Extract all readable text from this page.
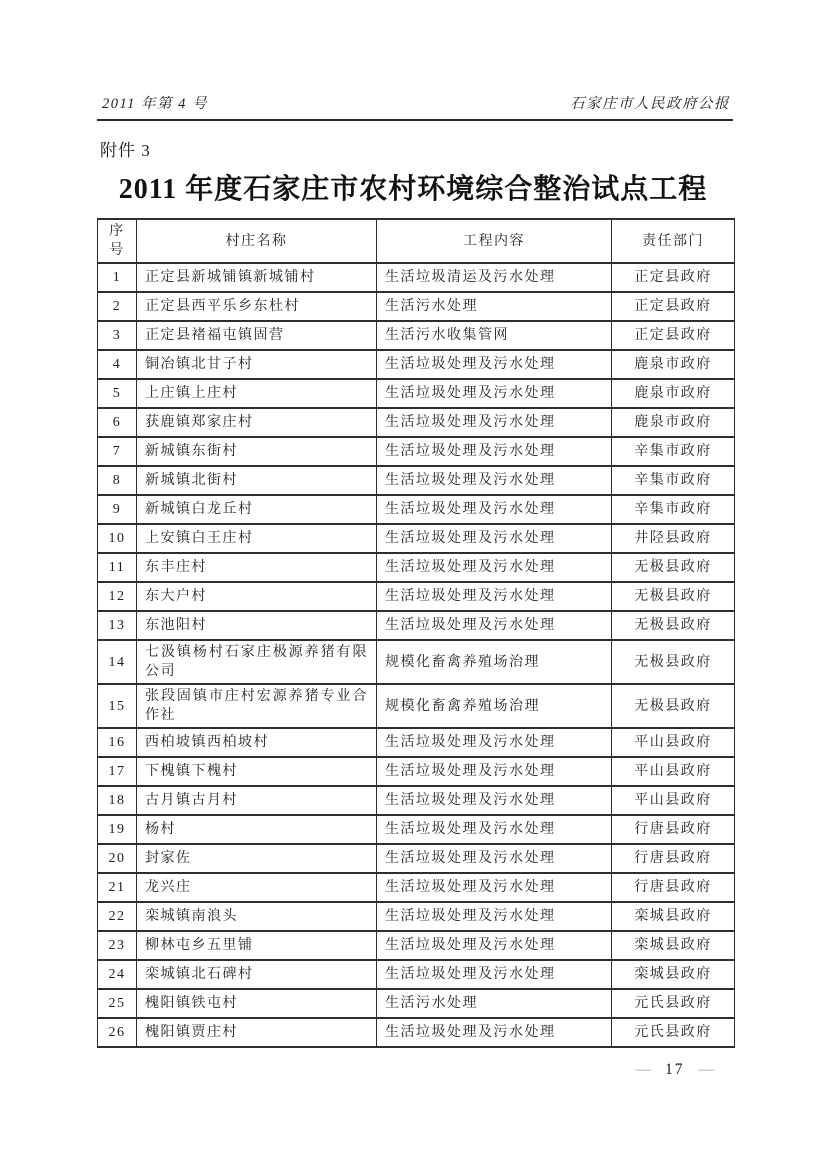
2011 年第 4 号	石家庄市人民政府公报
附件 3
2011 年度石家庄市农村环境综合整治试点工程
序号	村庄名称	工程内容	责任部门
1	正定县新城铺镇新城铺村	生活垃圾清运及污水处理	正定县政府
2	正定县西平乐乡东杜村	生活污水处理	正定县政府
3	正定县褚福屯镇固营	生活污水收集管网	正定县政府
4	铜冶镇北甘子村	生活垃圾处理及污水处理	鹿泉市政府
5	上庄镇上庄村	生活垃圾处理及污水处理	鹿泉市政府
6	获鹿镇郑家庄村	生活垃圾处理及污水处理	鹿泉市政府
7	新城镇东街村	生活垃圾处理及污水处理	辛集市政府
8	新城镇北街村	生活垃圾处理及污水处理	辛集市政府
9	新城镇白龙丘村	生活垃圾处理及污水处理	辛集市政府
10	上安镇白王庄村	生活垃圾处理及污水处理	井陉县政府
11	东丰庄村	生活垃圾处理及污水处理	无极县政府
12	东大户村	生活垃圾处理及污水处理	无极县政府
13	东池阳村	生活垃圾处理及污水处理	无极县政府
14	七汲镇杨村石家庄极源养猪有限公司	规模化畜禽养殖场治理	无极县政府
15	张段固镇市庄村宏源养猪专业合作社	规模化畜禽养殖场治理	无极县政府
16	西柏坡镇西柏坡村	生活垃圾处理及污水处理	平山县政府
17	下槐镇下槐村	生活垃圾处理及污水处理	平山县政府
18	古月镇古月村	生活垃圾处理及污水处理	平山县政府
19	杨村	生活垃圾处理及污水处理	行唐县政府
20	封家佐	生活垃圾处理及污水处理	行唐县政府
21	龙兴庄	生活垃圾处理及污水处理	行唐县政府
22	栾城镇南浪头	生活垃圾处理及污水处理	栾城县政府
23	柳林屯乡五里铺	生活垃圾处理及污水处理	栾城县政府
24	栾城镇北石碑村	生活垃圾处理及污水处理	栾城县政府
25	槐阳镇铁屯村	生活污水处理	元氏县政府
26	槐阳镇贾庄村	生活垃圾处理及污水处理	元氏县政府
— 17 —
